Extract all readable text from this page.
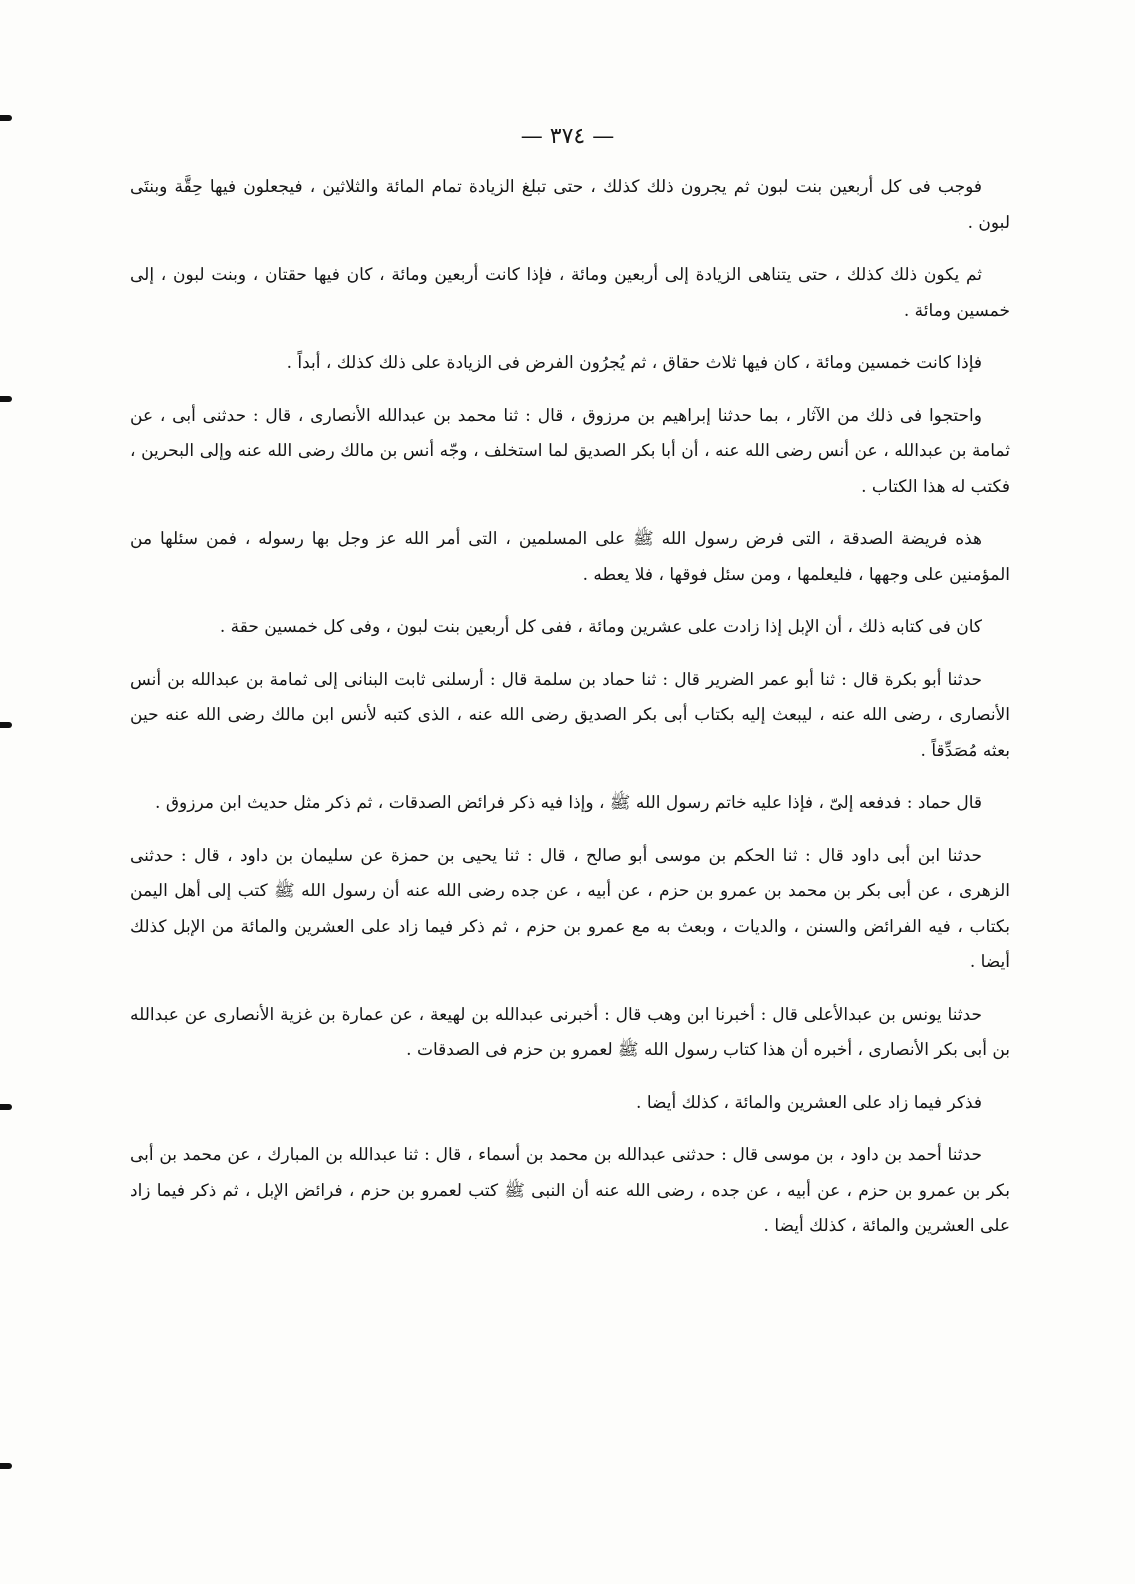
— ٣٧٤ —

فوجب فى كل أربعين بنت لبون ثم يجرون ذلك كذلك ، حتى تبلغ الزيادة تمام المائة والثلاثين ، فيجعلون فيها حِقَّة وبنتَى لبون .

ثم يكون ذلك كذلك ، حتى يتناهى الزيادة إلى أربعين ومائة ، فإذا كانت أربعين ومائة ، كان فيها حقتان ، وبنت لبون ، إلى خمسين ومائة .

فإذا كانت خمسين ومائة ، كان فيها ثلاث حقاق ، ثم يُجرُون الفرض فى الزيادة على ذلك كذلك ، أبداً .

واحتجوا فى ذلك من الآثار ، بما حدثنا إبراهيم بن مرزوق ، قال : ثنا محمد بن عبدالله الأنصارى ، قال : حدثنى أبى ، عن ثمامة بن عبدالله ، عن أنس رضى الله عنه ، أن أبا بكر الصديق لما استخلف ، وجّه أنس بن مالك رضى الله عنه وإلى البحرين ، فكتب له هذا الكتاب .

هذه فريضة الصدقة ، التى فرض رسول الله ﷺ على المسلمين ، التى أمر الله عز وجل بها رسوله ، فمن سئلها من المؤمنين على وجهها ، فليعلمها ، ومن سئل فوقها ، فلا يعطه .

كان فى كتابه ذلك ، أن الإبل إذا زادت على عشرين ومائة ، ففى كل أربعين بنت لبون ، وفى كل خمسين حقة .

حدثنا أبو بكرة قال : ثنا أبو عمر الضرير قال : ثنا حماد بن سلمة قال : أرسلنى ثابت البنانى إلى ثمامة بن عبدالله بن أنس الأنصارى ، رضى الله عنه ، ليبعث إليه بكتاب أبى بكر الصديق رضى الله عنه ، الذى كتبه لأنس ابن مالك رضى الله عنه حين بعثه مُصَدِّقاً .

قال حماد : فدفعه إلىّ ، فإذا عليه خاتم رسول الله ﷺ ، وإذا فيه ذكر فرائض الصدقات ، ثم ذكر مثل حديث ابن مرزوق .

حدثنا ابن أبى داود قال : ثنا الحكم بن موسى أبو صالح ، قال : ثنا يحيى بن حمزة عن سليمان بن داود ، قال : حدثنى الزهرى ، عن أبى بكر بن محمد بن عمرو بن حزم ، عن أبيه ، عن جده رضى الله عنه أن رسول الله ﷺ كتب إلى أهل اليمن بكتاب ، فيه الفرائض والسنن ، والديات ، وبعث به مع عمرو بن حزم ، ثم ذكر فيما زاد على العشرين والمائة من الإبل كذلك أيضا .

حدثنا يونس بن عبدالأعلى قال : أخبرنا ابن وهب قال : أخبرنى عبدالله بن لهيعة ، عن عمارة بن غزية الأنصارى عن عبدالله بن أبى بكر الأنصارى ، أخبره أن هذا كتاب رسول الله ﷺ لعمرو بن حزم فى الصدقات .

فذكر فيما زاد على العشرين والمائة ، كذلك أيضا .

حدثنا أحمد بن داود ، بن موسى قال : حدثنى عبدالله بن محمد بن أسماء ، قال : ثنا عبدالله بن المبارك ، عن محمد بن أبى بكر بن عمرو بن حزم ، عن أبيه ، عن جده ، رضى الله عنه أن النبى ﷺ كتب لعمرو بن حزم ، فرائض الإبل ، ثم ذكر فيما زاد على العشرين والمائة ، كذلك أيضا .
